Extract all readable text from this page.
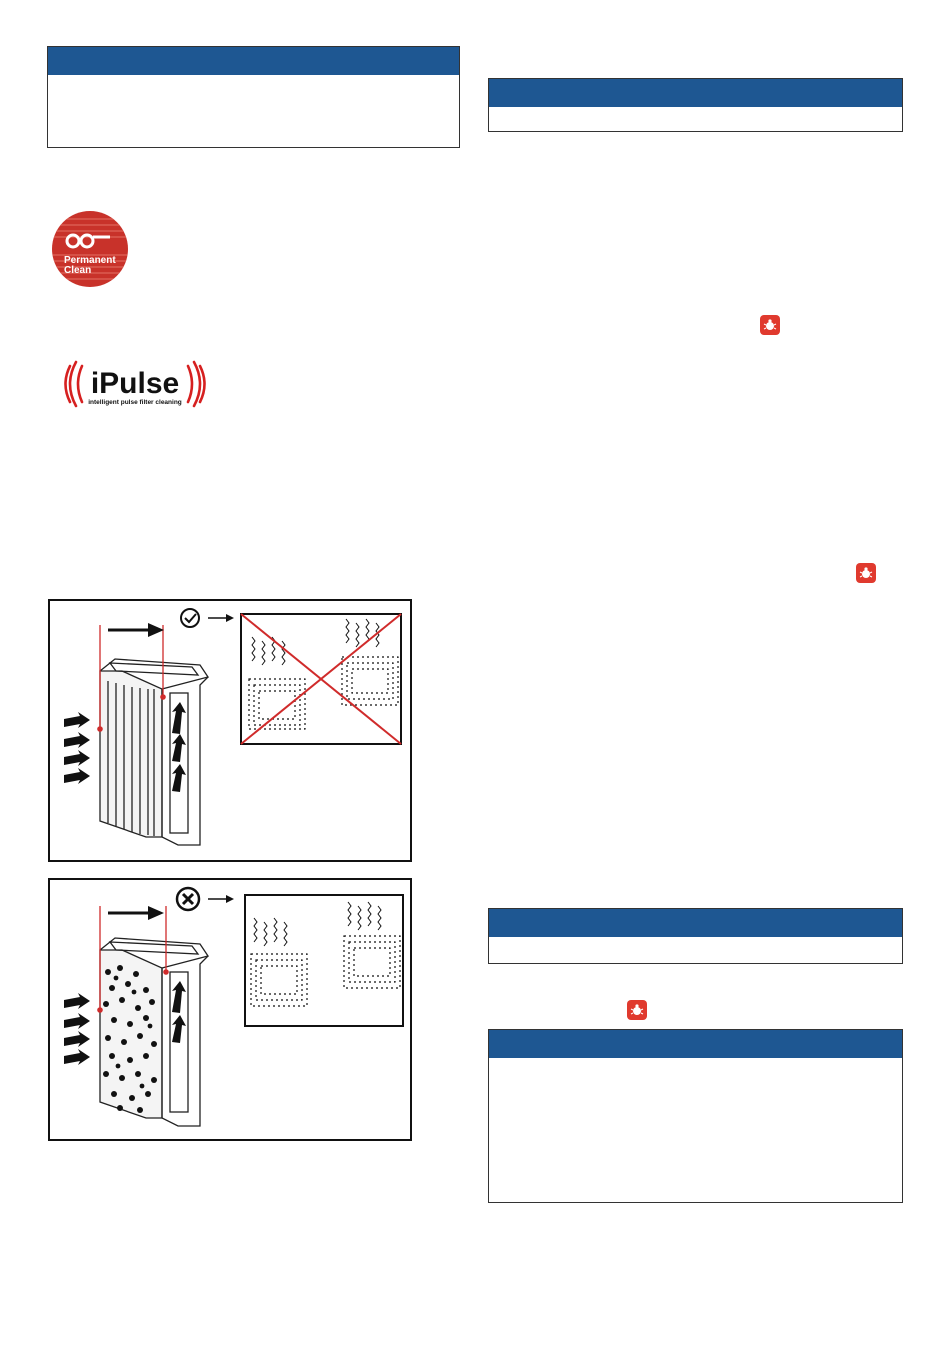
Permanent
Clean
iPulse
intelligent pulse filter cleaning
